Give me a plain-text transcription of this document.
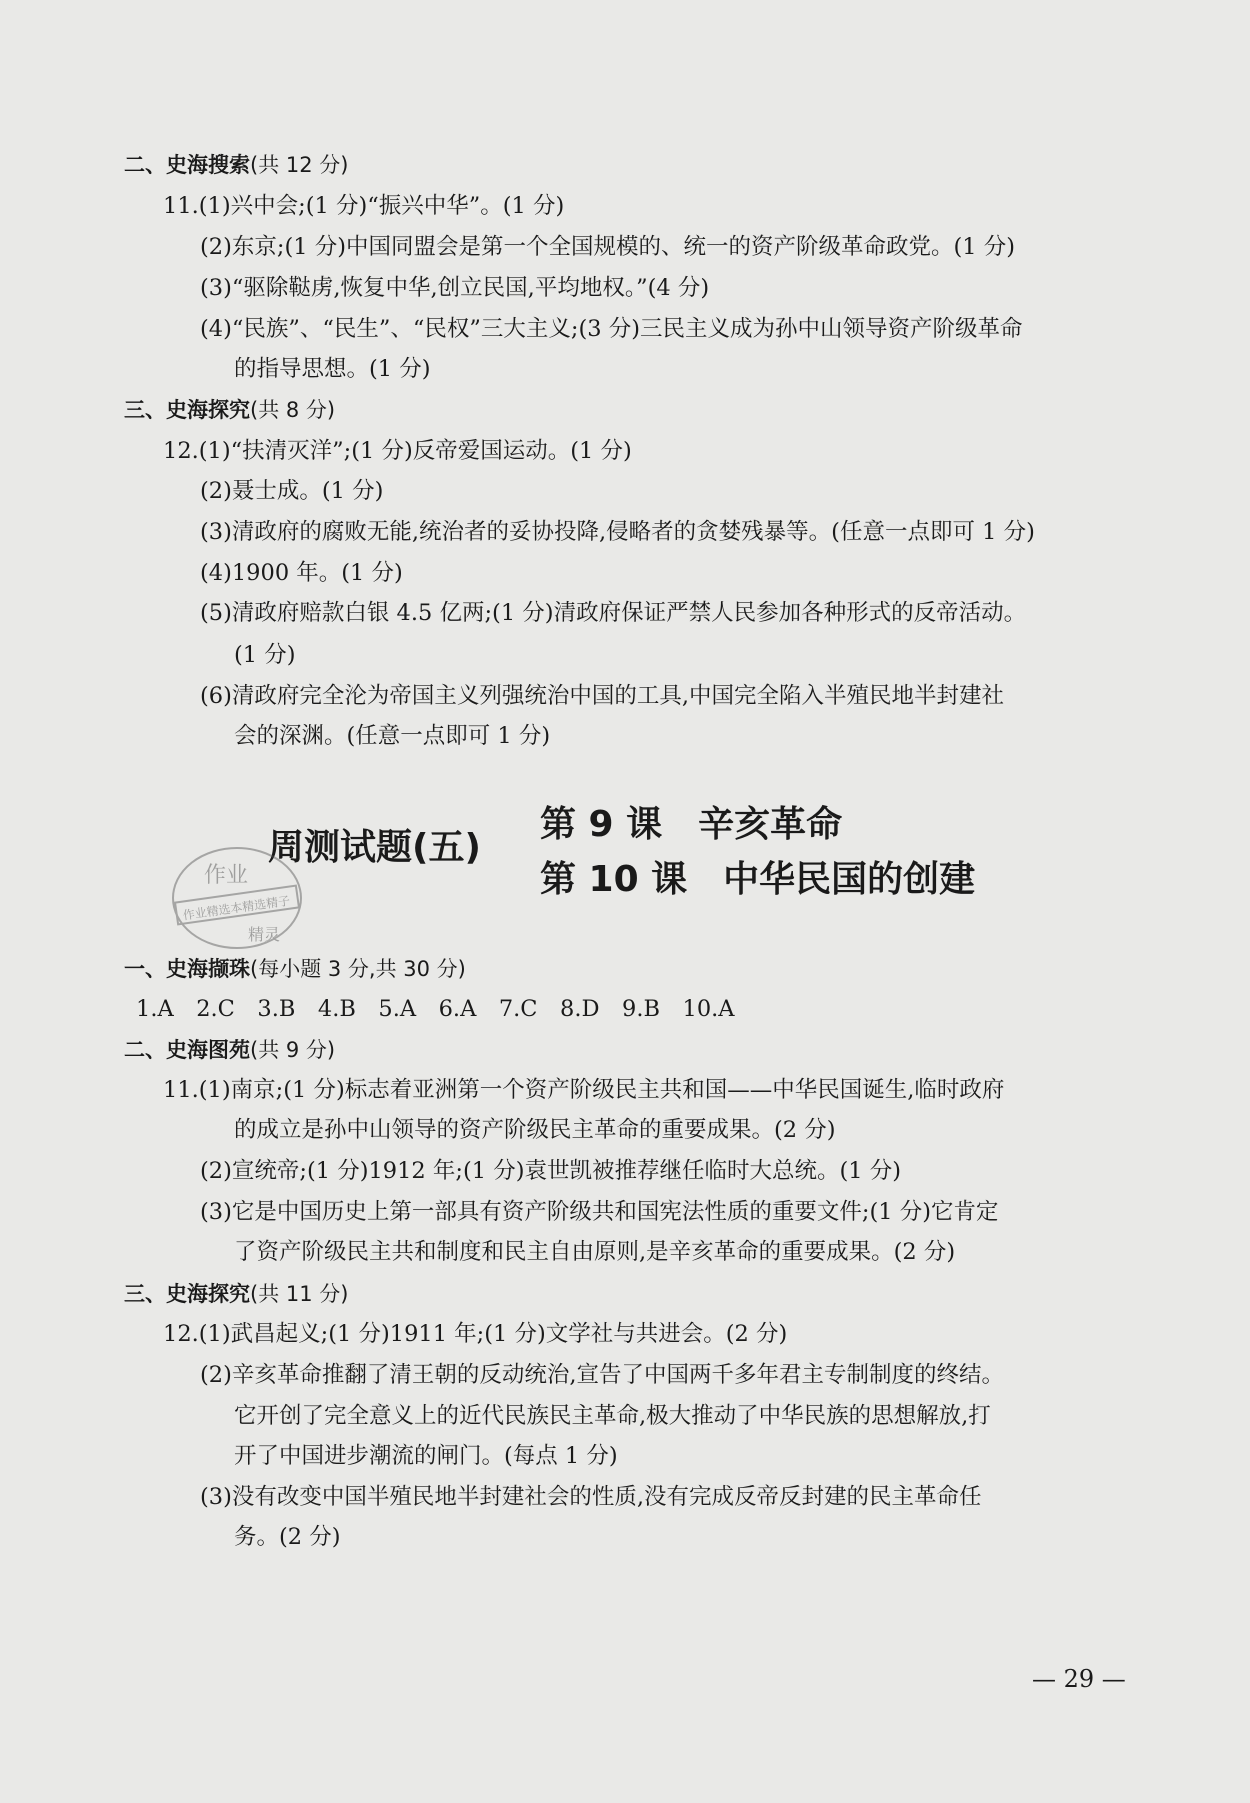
二、史海搜索(共 12 分)
11.(1)兴中会;(1 分)“振兴中华”。(1 分)
(2)东京;(1 分)中国同盟会是第一个全国规模的、统一的资产阶级革命政党。(1 分)
(3)“驱除鞑虏,恢复中华,创立民国,平均地权。”(4 分)
(4)“民族”、“民生”、“民权”三大主义;(3 分)三民主义成为孙中山领导资产阶级革命
的指导思想。(1 分)
三、史海探究(共 8 分)
12.(1)“扶清灭洋”;(1 分)反帝爱国运动。(1 分)
(2)聂士成。(1 分)
(3)清政府的腐败无能,统治者的妥协投降,侵略者的贪婪残暴等。(任意一点即可 1 分)
(4)1900 年。(1 分)
(5)清政府赔款白银 4.5 亿两;(1 分)清政府保证严禁人民参加各种形式的反帝活动。
(1 分)
(6)清政府完全沦为帝国主义列强统治中国的工具,中国完全陷入半殖民地半封建社
会的深渊。(任意一点即可 1 分)
周测试题(五)
第 9 课　辛亥革命
第 10 课　中华民国的创建
作业
作业精选本精选精子
精灵
一、史海撷珠(每小题 3 分,共 30 分)
1.A　2.C　3.B　4.B　5.A　6.A　7.C　8.D　9.B　10.A
二、史海图苑(共 9 分)
11.(1)南京;(1 分)标志着亚洲第一个资产阶级民主共和国——中华民国诞生,临时政府
的成立是孙中山领导的资产阶级民主革命的重要成果。(2 分)
(2)宣统帝;(1 分)1912 年;(1 分)袁世凯被推荐继任临时大总统。(1 分)
(3)它是中国历史上第一部具有资产阶级共和国宪法性质的重要文件;(1 分)它肯定
了资产阶级民主共和制度和民主自由原则,是辛亥革命的重要成果。(2 分)
三、史海探究(共 11 分)
12.(1)武昌起义;(1 分)1911 年;(1 分)文学社与共进会。(2 分)
(2)辛亥革命推翻了清王朝的反动统治,宣告了中国两千多年君主专制制度的终结。
它开创了完全意义上的近代民族民主革命,极大推动了中华民族的思想解放,打
开了中国进步潮流的闸门。(每点 1 分)
(3)没有改变中国半殖民地半封建社会的性质,没有完成反帝反封建的民主革命任
务。(2 分)
— 29 —
